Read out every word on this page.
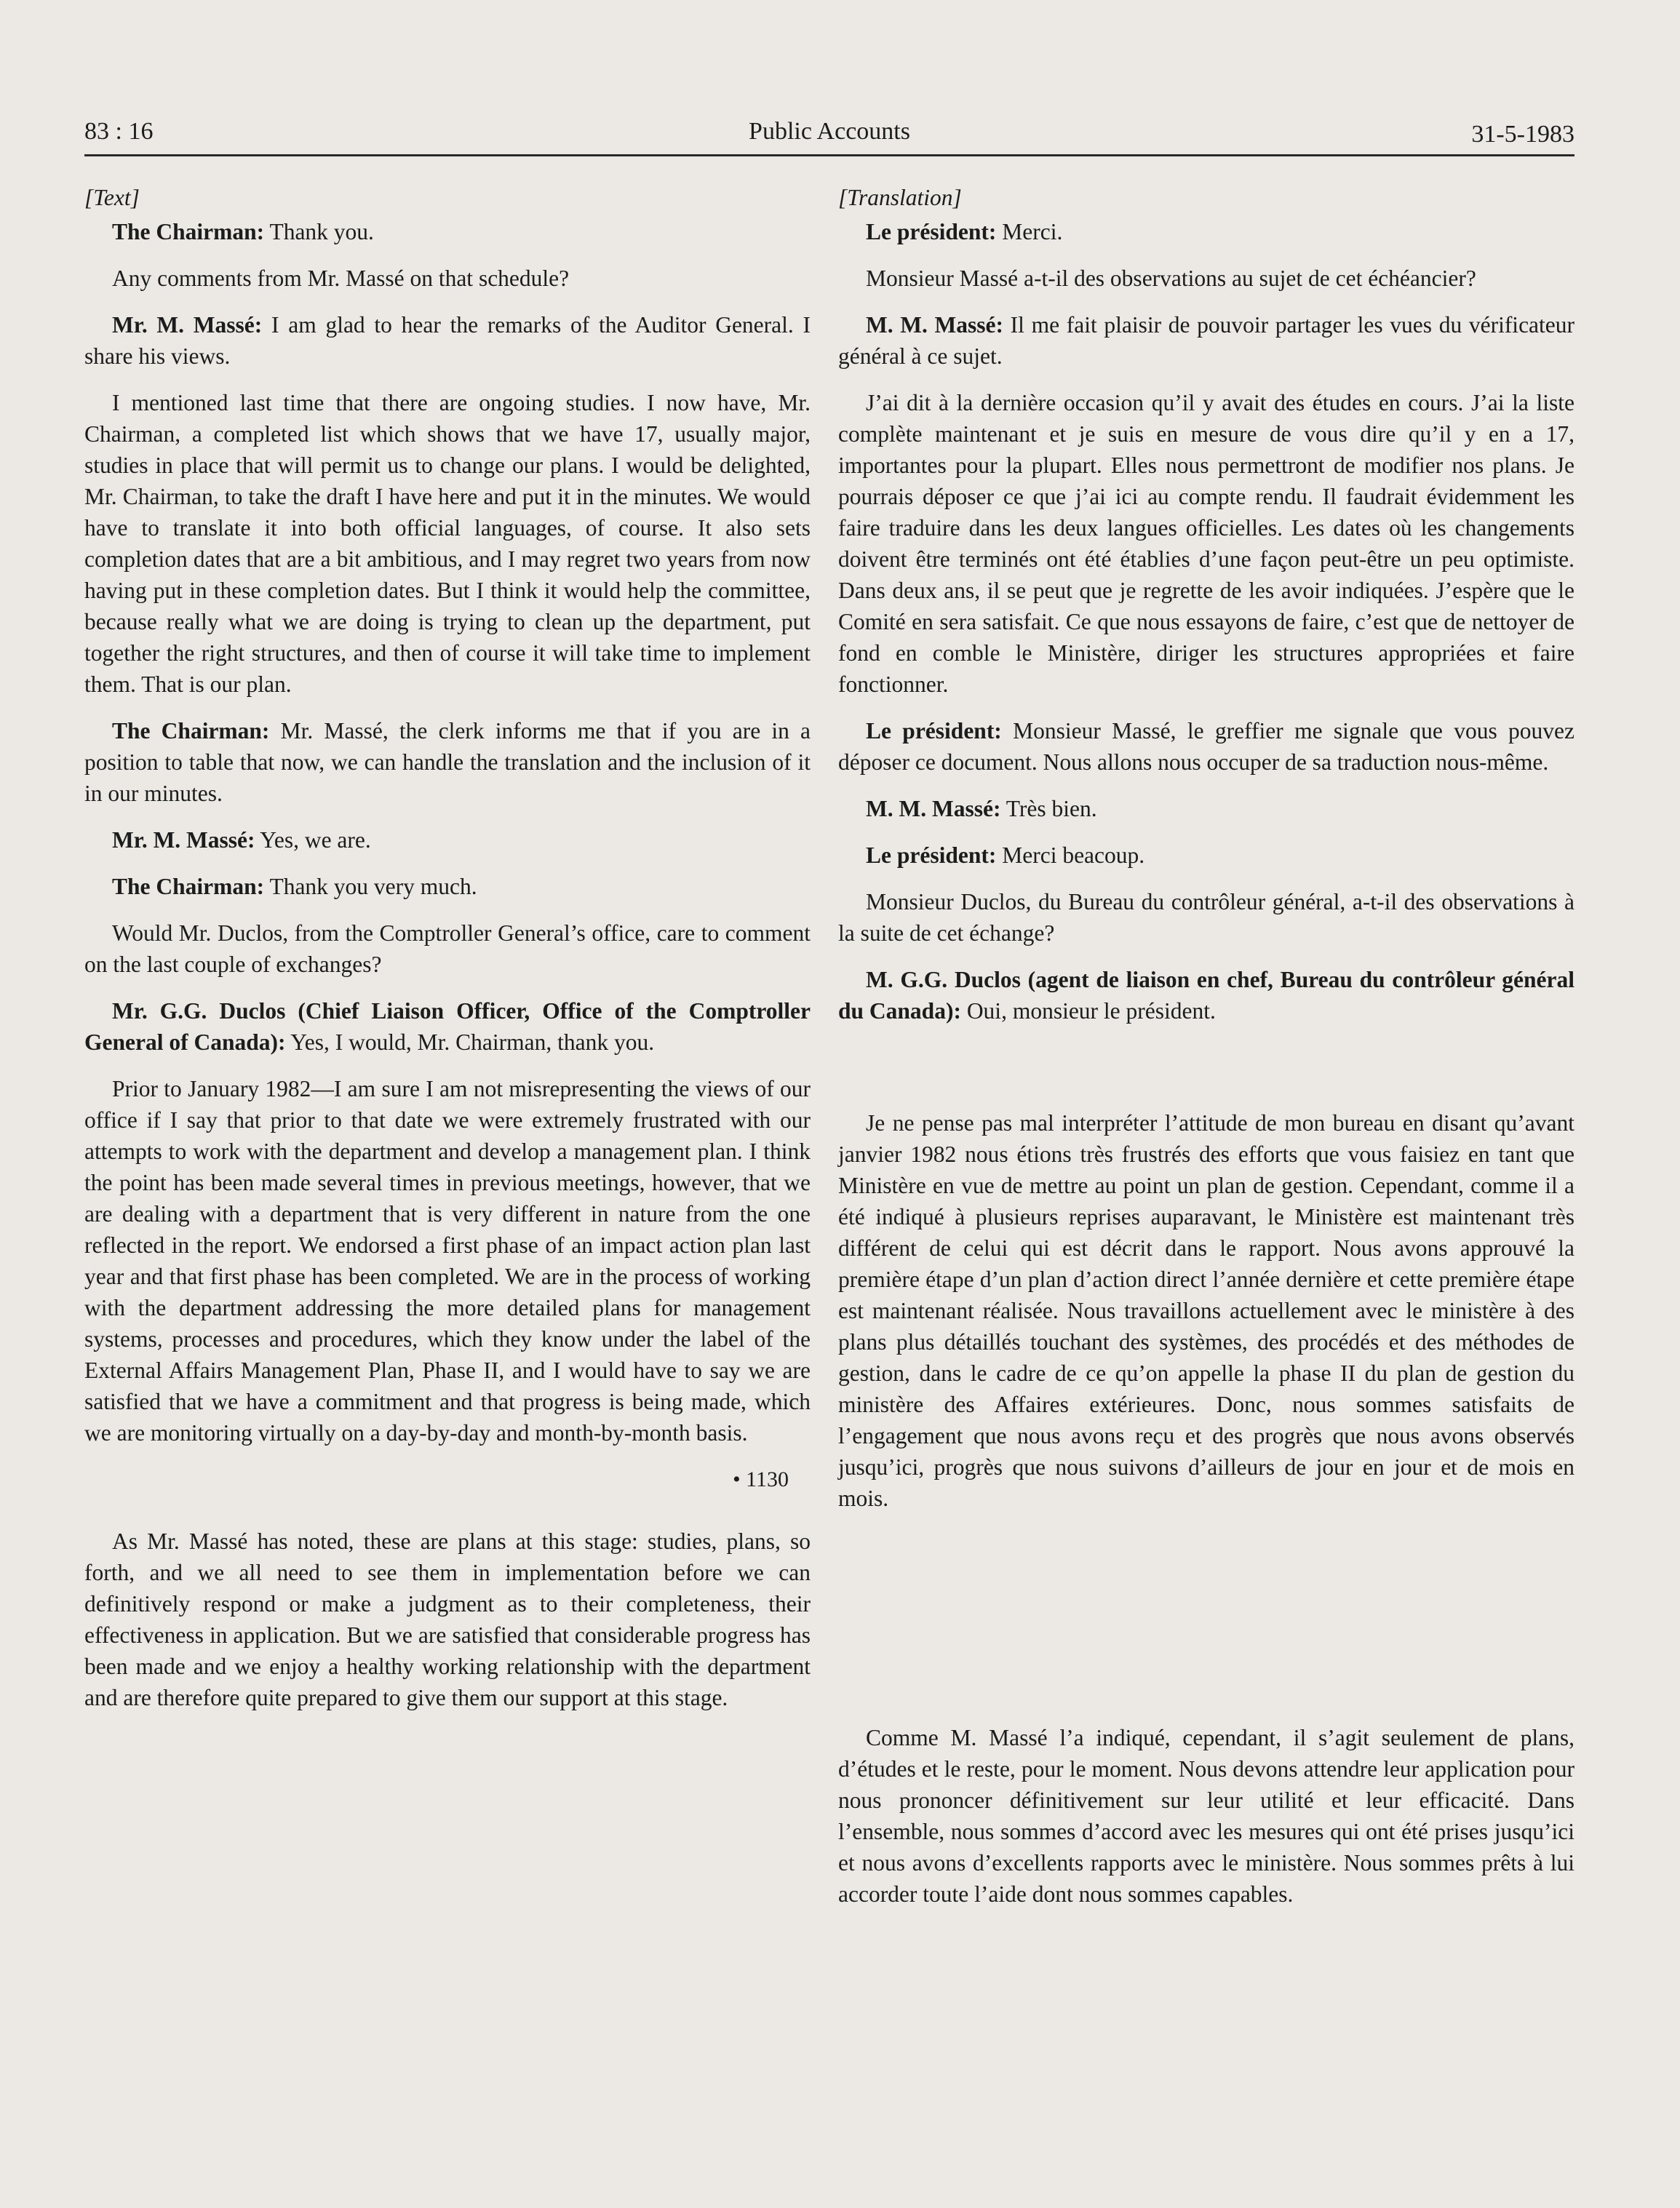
83 : 16	Public Accounts	31-5-1983

[Text]

The Chairman: Thank you.

Any comments from Mr. Massé on that schedule?

Mr. M. Massé: I am glad to hear the remarks of the Auditor General. I share his views.

I mentioned last time that there are ongoing studies. I now have, Mr. Chairman, a completed list which shows that we have 17, usually major, studies in place that will permit us to change our plans. I would be delighted, Mr. Chairman, to take the draft I have here and put it in the minutes. We would have to translate it into both official languages, of course. It also sets completion dates that are a bit ambitious, and I may regret two years from now having put in these completion dates. But I think it would help the committee, because really what we are doing is trying to clean up the department, put together the right structures, and then of course it will take time to implement them. That is our plan.

The Chairman: Mr. Massé, the clerk informs me that if you are in a position to table that now, we can handle the translation and the inclusion of it in our minutes.

Mr. M. Massé: Yes, we are.

The Chairman: Thank you very much.

Would Mr. Duclos, from the Comptroller General’s office, care to comment on the last couple of exchanges?

Mr. G.G. Duclos (Chief Liaison Officer, Office of the Comptroller General of Canada): Yes, I would, Mr. Chairman, thank you.

Prior to January 1982—I am sure I am not misrepresenting the views of our office if I say that prior to that date we were extremely frustrated with our attempts to work with the department and develop a management plan. I think the point has been made several times in previous meetings, however, that we are dealing with a department that is very different in nature from the one reflected in the report. We endorsed a first phase of an impact action plan last year and that first phase has been completed. We are in the process of working with the department addressing the more detailed plans for management systems, processes and procedures, which they know under the label of the External Affairs Management Plan, Phase II, and I would have to say we are satisfied that we have a commitment and that progress is being made, which we are monitoring virtually on a day-by-day and month-by-month basis.

• 1130

As Mr. Massé has noted, these are plans at this stage: studies, plans, so forth, and we all need to see them in implementation before we can definitively respond or make a judgment as to their completeness, their effectiveness in application. But we are satisfied that considerable progress has been made and we enjoy a healthy working relationship with the department and are therefore quite prepared to give them our support at this stage.

[Translation]

Le président: Merci.

Monsieur Massé a-t-il des observations au sujet de cet échéancier?

M. M. Massé: Il me fait plaisir de pouvoir partager les vues du vérificateur général à ce sujet.

J’ai dit à la dernière occasion qu’il y avait des études en cours. J’ai la liste complète maintenant et je suis en mesure de vous dire qu’il y en a 17, importantes pour la plupart. Elles nous permettront de modifier nos plans. Je pourrais déposer ce que j’ai ici au compte rendu. Il faudrait évidemment les faire traduire dans les deux langues officielles. Les dates où les changements doivent être terminés ont été établies d’une façon peut-être un peu optimiste. Dans deux ans, il se peut que je regrette de les avoir indiquées. J’espère que le Comité en sera satisfait. Ce que nous essayons de faire, c’est que de nettoyer de fond en comble le Ministère, diriger les structures appropriées et faire fonctionner.

Le président: Monsieur Massé, le greffier me signale que vous pouvez déposer ce document. Nous allons nous occuper de sa traduction nous-même.

M. M. Massé: Très bien.

Le président: Merci beacoup.

Monsieur Duclos, du Bureau du contrôleur général, a-t-il des observations à la suite de cet échange?

M. G.G. Duclos (agent de liaison en chef, Bureau du contrôleur général du Canada): Oui, monsieur le président.

Je ne pense pas mal interpréter l’attitude de mon bureau en disant qu’avant janvier 1982 nous étions très frustrés des efforts que vous faisiez en tant que Ministère en vue de mettre au point un plan de gestion. Cependant, comme il a été indiqué à plusieurs reprises auparavant, le Ministère est maintenant très différent de celui qui est décrit dans le rapport. Nous avons approuvé la première étape d’un plan d’action direct l’année dernière et cette première étape est maintenant réalisée. Nous travaillons actuellement avec le ministère à des plans plus détaillés touchant des systèmes, des procédés et des méthodes de gestion, dans le cadre de ce qu’on appelle la phase II du plan de gestion du ministère des Affaires extérieures. Donc, nous sommes satisfaits de l’engagement que nous avons reçu et des progrès que nous avons observés jusqu’ici, progrès que nous suivons d’ailleurs de jour en jour et de mois en mois.

Comme M. Massé l’a indiqué, cependant, il s’agit seulement de plans, d’études et le reste, pour le moment. Nous devons attendre leur application pour nous prononcer définitivement sur leur utilité et leur efficacité. Dans l’ensemble, nous sommes d’accord avec les mesures qui ont été prises jusqu’ici et nous avons d’excellents rapports avec le ministère. Nous sommes prêts à lui accorder toute l’aide dont nous sommes capables.
